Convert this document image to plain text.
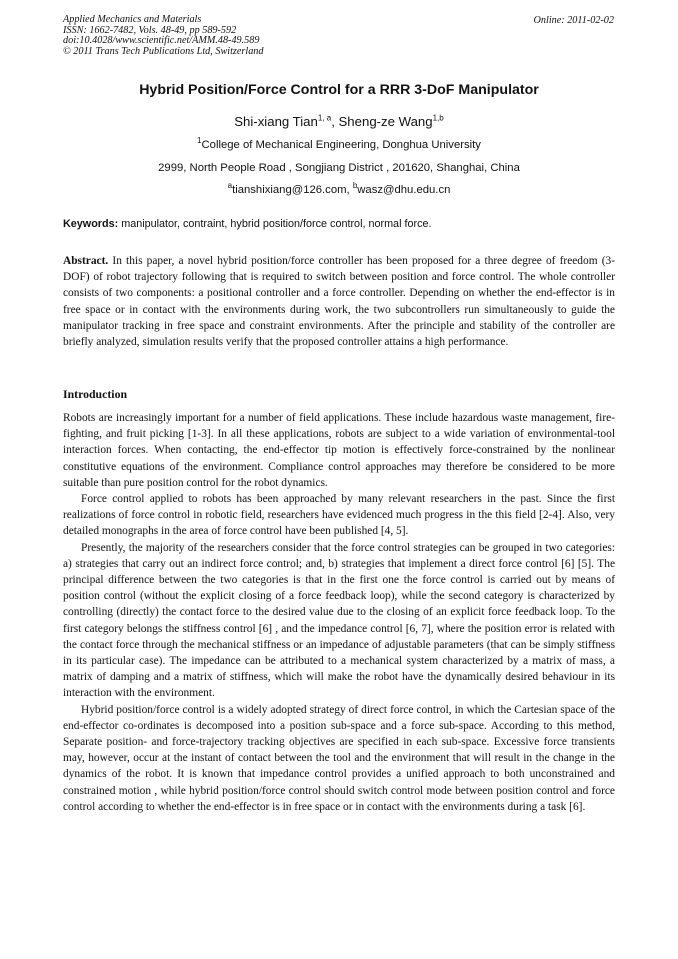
Applied Mechanics and Materials
ISSN: 1662-7482, Vols. 48-49, pp 589-592
doi:10.4028/www.scientific.net/AMM.48-49.589
© 2011 Trans Tech Publications Ltd, Switzerland
Online: 2011-02-02
Hybrid Position/Force Control for a RRR 3-DoF Manipulator
Shi-xiang Tian$^{1, a}$, Sheng-ze Wang$^{1,b}$
$^1$College of Mechanical Engineering, Donghua University
2999, North People Road , Songjiang District , 201620, Shanghai, China
$^a$tianshixiang@126.com, $^b$wasz@dhu.edu.cn
Keywords: manipulator, contraint, hybrid position/force control, normal force.
Abstract. In this paper, a novel hybrid position/force controller has been proposed for a three degree of freedom (3-DOF) of robot trajectory following that is required to switch between position and force control. The whole controller consists of two components: a positional controller and a force controller. Depending on whether the end-effector is in free space or in contact with the environments during work, the two subcontrollers run simultaneously to guide the manipulator tracking in free space and constraint environments. After the principle and stability of the controller are briefly analyzed, simulation results verify that the proposed controller attains a high performance.
Introduction

Robots are increasingly important for a number of field applications. These include hazardous waste management, fire-fighting, and fruit picking [1-3]. In all these applications, robots are subject to a wide variation of environmental-tool interaction forces. When contacting, the end-effector tip motion is effectively force-constrained by the nonlinear constitutive equations of the environment. Compliance control approaches may therefore be considered to be more suitable than pure position control for the robot dynamics.

Force control applied to robots has been approached by many relevant researchers in the past. Since the first realizations of force control in robotic field, researchers have evidenced much progress in the this field [2-4]. Also, very detailed monographs in the area of force control have been published [4, 5].

Presently, the majority of the researchers consider that the force control strategies can be grouped in two categories: a) strategies that carry out an indirect force control; and, b) strategies that implement a direct force control [6] [5]. The principal difference between the two categories is that in the first one the force control is carried out by means of position control (without the explicit closing of a force feedback loop), while the second category is characterized by controlling (directly) the contact force to the desired value due to the closing of an explicit force feedback loop. To the first category belongs the stiffness control [6] , and the impedance control [6, 7], where the position error is related with the contact force through the mechanical stiffness or an impedance of adjustable parameters (that can be simply stiffness in its particular case). The impedance can be attributed to a mechanical system characterized by a matrix of mass, a matrix of damping and a matrix of stiffness, which will make the robot have the dynamically desired behaviour in its interaction with the environment.

Hybrid position/force control is a widely adopted strategy of direct force control, in which the Cartesian space of the end-effector co-ordinates is decomposed into a position sub-space and a force sub-space. According to this method, Separate position- and force-trajectory tracking objectives are specified in each sub-space. Excessive force transients may, however, occur at the instant of contact between the tool and the environment that will result in the change in the dynamics of the robot. It is known that impedance control provides a unified approach to both unconstrained and constrained motion , while hybrid position/force control should switch control mode between position control and force control according to whether the end-effector is in free space or in contact with the environments during a task [6].
